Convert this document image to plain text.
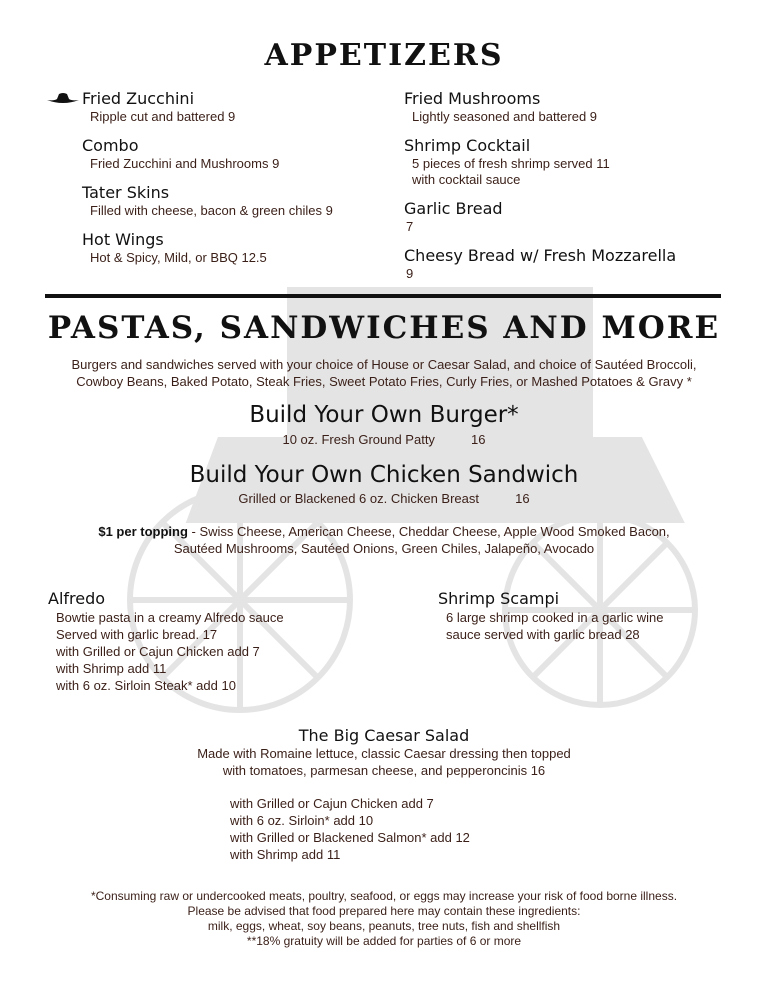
APPETIZERS
Fried Zucchini
Ripple cut and battered 9
Combo
Fried Zucchini and Mushrooms 9
Tater Skins
Filled with cheese, bacon & green chiles 9
Hot Wings
Hot & Spicy, Mild, or BBQ 12.5
Fried Mushrooms
Lightly seasoned and battered 9
Shrimp Cocktail
5 pieces of fresh shrimp served 11
with cocktail sauce
Garlic Bread
7
Cheesy Bread w/ Fresh Mozzarella
9
PASTAS, SANDWICHES AND MORE
Burgers and sandwiches served with your choice of House or Caesar Salad, and choice of Sautéed Broccoli,
Cowboy Beans, Baked Potato, Steak Fries, Sweet Potato Fries, Curly Fries, or Mashed Potatoes & Gravy *
Build Your Own Burger*
10 oz. Fresh Ground Patty          16
Build Your Own Chicken Sandwich
Grilled or Blackened 6 oz. Chicken Breast          16
$1 per topping - Swiss Cheese, American Cheese, Cheddar Cheese, Apple Wood Smoked Bacon,
Sautéed Mushrooms, Sautéed Onions, Green Chiles, Jalapeño, Avocado
Alfredo
Bowtie pasta in a creamy Alfredo sauce
Served with garlic bread. 17
with Grilled or Cajun Chicken add 7
with Shrimp add 11
with 6 oz. Sirloin Steak* add 10
Shrimp Scampi
6 large shrimp cooked in a garlic wine
sauce served with garlic bread 28
The Big Caesar Salad
Made with Romaine lettuce, classic Caesar dressing then topped
with tomatoes, parmesan cheese, and pepperoncinis 16
with Grilled or Cajun Chicken add 7
with 6 oz. Sirloin* add 10
with Grilled or Blackened Salmon* add 12
with Shrimp add 11
*Consuming raw or undercooked meats, poultry, seafood, or eggs may increase your risk of food borne illness.
Please be advised that food prepared here may contain these ingredients:
milk, eggs, wheat, soy beans, peanuts, tree nuts, fish and shellfish
**18% gratuity will be added for parties of 6 or more
